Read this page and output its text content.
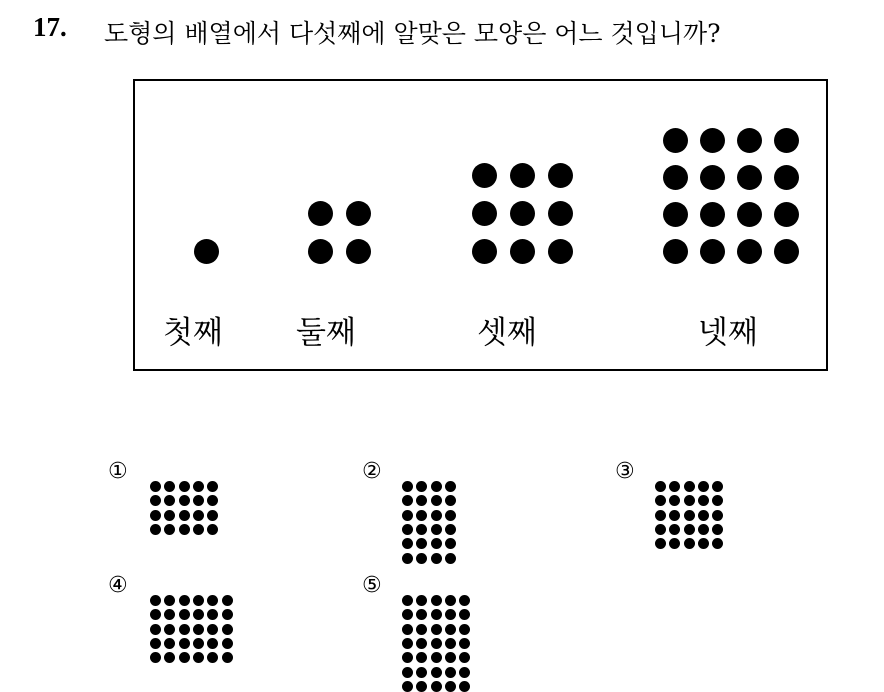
17. 도형의 배열에서 다섯째에 알맞은 모양은 어느 것입니까?
첫째 둘째	셋째	넷째
①	②	③
④	⑤
